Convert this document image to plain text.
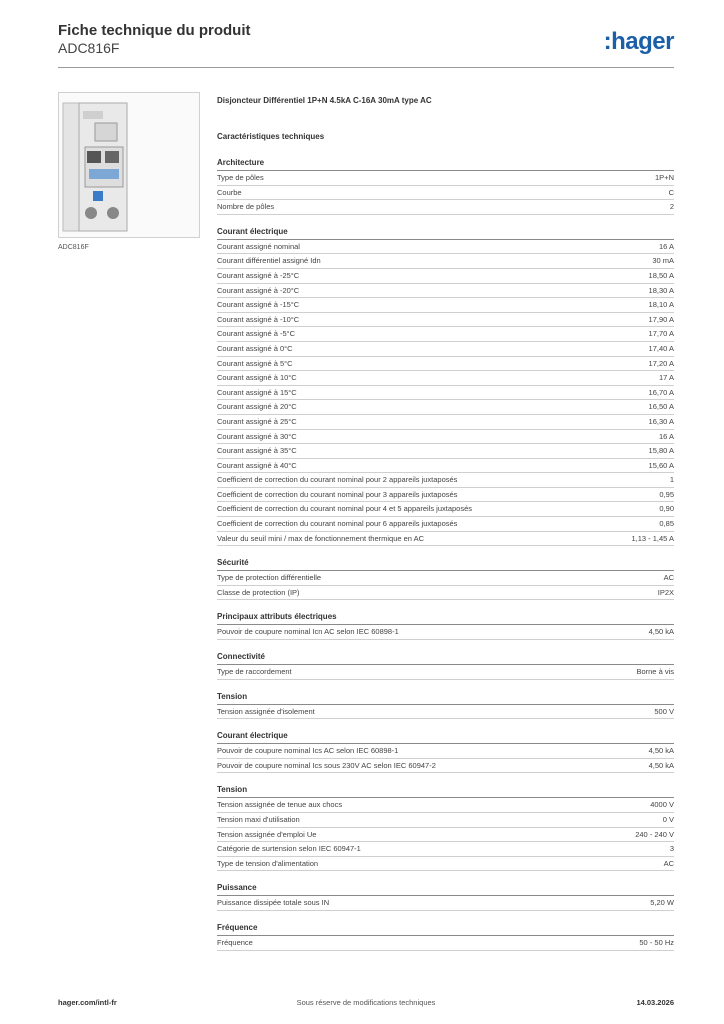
Fiche technique du produit
ADC816F	:hager
ADC816F
Disjoncteur Différentiel 1P+N 4.5kA C-16A 30mA type AC
Caractéristiques techniques
Architecture
Type de pôles	1P+N
Courbe	C
Nombre de pôles	2
Courant électrique
Courant assigné nominal	16 A
Courant différentiel assigné Idn	30 mA
Courant assigné à -25°C	18,50 A
Courant assigné à -20°C	18,30 A
Courant assigné à -15°C	18,10 A
Courant assigné à -10°C	17,90 A
Courant assigné à -5°C	17,70 A
Courant assigné à 0°C	17,40 A
Courant assigné à 5°C	17,20 A
Courant assigné à 10°C	17 A
Courant assigné à 15°C	16,70 A
Courant assigné à 20°C	16,50 A
Courant assigné à 25°C	16,30 A
Courant assigné à 30°C	16 A
Courant assigné à 35°C	15,80 A
Courant assigné à 40°C	15,60 A
Coefficient de correction du courant nominal pour 2 appareils juxtaposés	1
Coefficient de correction du courant nominal pour 3 appareils juxtaposés	0,95
Coefficient de correction du courant nominal pour 4 et 5 appareils juxtaposés	0,90
Coefficient de correction du courant nominal pour 6 appareils juxtaposés	0,85
Valeur du seuil mini / max de fonctionnement thermique en AC	1,13 - 1,45 A
Sécurité
Type de protection différentielle	AC
Classe de protection (IP)	IP2X
Principaux attributs électriques
Pouvoir de coupure nominal Icn AC selon IEC 60898-1	4,50 kA
Connectivité
Type de raccordement	Borne à vis
Tension
Tension assignée d'isolement	500 V
Courant électrique
Pouvoir de coupure nominal Ics AC selon IEC 60898-1	4,50 kA
Pouvoir de coupure nominal Ics sous 230V AC selon IEC 60947-2	4,50 kA
Tension
Tension assignée de tenue aux chocs	4000 V
Tension maxi d'utilisation	0 V
Tension assignée d'emploi Ue	240 - 240 V
Catégorie de surtension selon IEC 60947-1	3
Type de tension d'alimentation	AC
Puissance
Puissance dissipée totale sous IN	5,20 W
Fréquence
Fréquence	50 - 50 Hz
Sous réserve de modifications techniques
hager.com/intl-fr	14.03.2026
